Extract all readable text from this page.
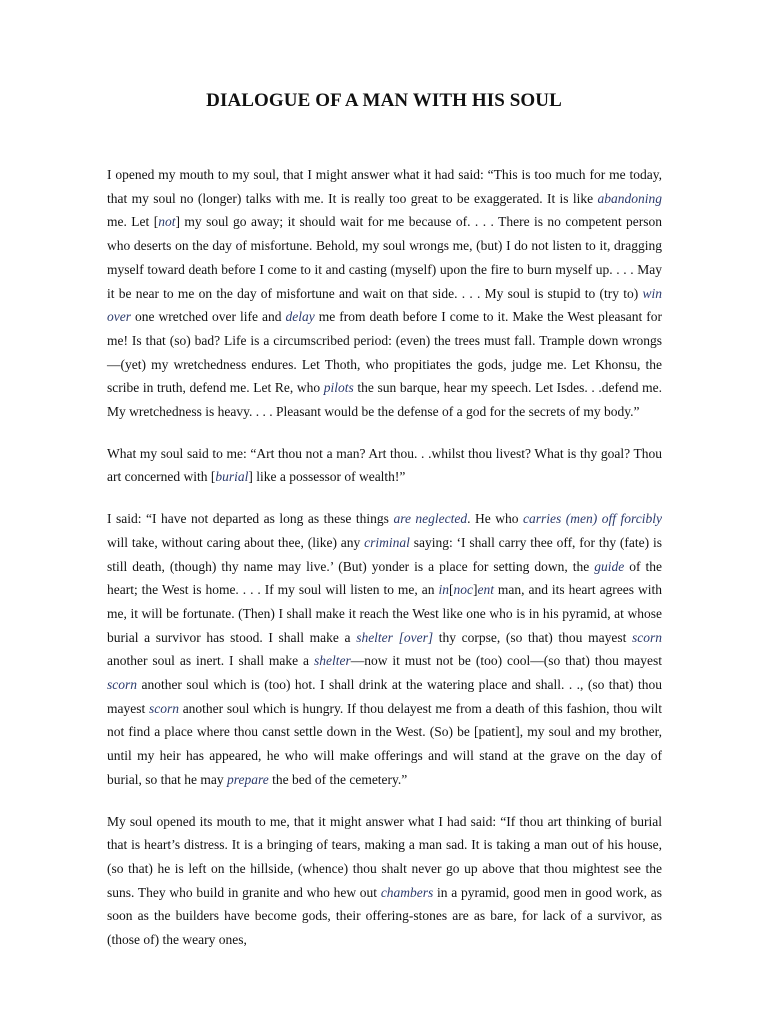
DIALOGUE OF A MAN WITH HIS SOUL

I opened my mouth to my soul, that I might answer what it had said: “This is too much for me today, that my soul no (longer) talks with me. It is really too great to be exaggerated. It is like abandoning me. Let [not] my soul go away; it should wait for me because of. . . . There is no competent person who deserts on the day of misfortune. Behold, my soul wrongs me, (but) I do not listen to it, dragging myself toward death before I come to it and casting (myself) upon the fire to burn myself up. . . . May it be near to me on the day of misfortune and wait on that side. . . . My soul is stupid to (try to) win over one wretched over life and delay me from death before I come to it. Make the West pleasant for me! Is that (so) bad? Life is a circumscribed period: (even) the trees must fall. Trample down wrongs—(yet) my wretchedness endures. Let Thoth, who propitiates the gods, judge me. Let Khonsu, the scribe in truth, defend me. Let Re, who pilots the sun barque, hear my speech. Let Isdes. . .defend me. My wretchedness is heavy. . . . Pleasant would be the defense of a god for the secrets of my body.”

What my soul said to me: “Art thou not a man? Art thou. . .whilst thou livest? What is thy goal? Thou art concerned with [burial] like a possessor of wealth!”

I said: “I have not departed as long as these things are neglected. He who carries (men) off forcibly will take, without caring about thee, (like) any criminal saying: ‘I shall carry thee off, for thy (fate) is still death, (though) thy name may live.’ (But) yonder is a place for setting down, the guide of the heart; the West is home. . . . If my soul will listen to me, an in[noc]ent man, and its heart agrees with me, it will be fortunate. (Then) I shall make it reach the West like one who is in his pyramid, at whose burial a survivor has stood. I shall make a shelter [over] thy corpse, (so that) thou mayest scorn another soul as inert. I shall make a shelter—now it must not be (too) cool—(so that) thou mayest scorn another soul which is (too) hot. I shall drink at the watering place and shall. . ., (so that) thou mayest scorn another soul which is hungry. If thou delayest me from a death of this fashion, thou wilt not find a place where thou canst settle down in the West. (So) be [patient], my soul and my brother, until my heir has appeared, he who will make offerings and will stand at the grave on the day of burial, so that he may prepare the bed of the cemetery.”

My soul opened its mouth to me, that it might answer what I had said: “If thou art thinking of burial that is heart’s distress. It is a bringing of tears, making a man sad. It is taking a man out of his house, (so that) he is left on the hillside, (whence) thou shalt never go up above that thou mightest see the suns. They who build in granite and who hew out chambers in a pyramid, good men in good work, as soon as the builders have become gods, their offering-stones are as bare, for lack of a survivor, as (those of) the weary ones,
